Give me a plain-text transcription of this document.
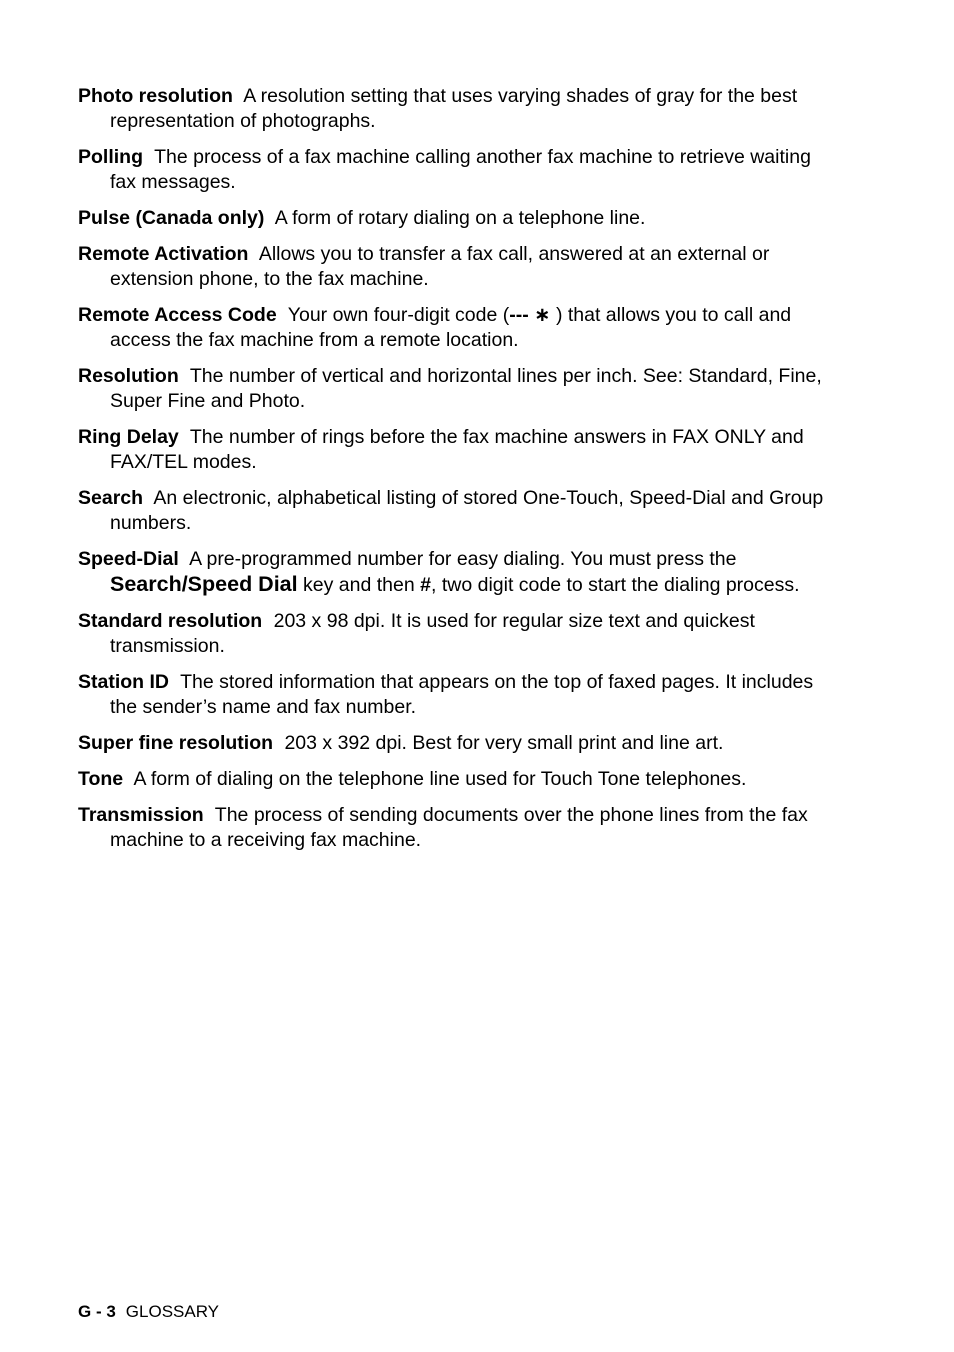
Photo resolution A resolution setting that uses varying shades of gray for the best representation of photographs.

Polling The process of a fax machine calling another fax machine to retrieve waiting fax messages.

Pulse (Canada only) A form of rotary dialing on a telephone line.

Remote Activation Allows you to transfer a fax call, answered at an external or extension phone, to the fax machine.

Remote Access Code Your own four-digit code (--- ∗ ) that allows you to call and access the fax machine from a remote location.

Resolution The number of vertical and horizontal lines per inch. See: Standard, Fine, Super Fine and Photo.

Ring Delay The number of rings before the fax machine answers in FAX ONLY and FAX/TEL modes.

Search An electronic, alphabetical listing of stored One-Touch, Speed-Dial and Group numbers.

Speed-Dial A pre-programmed number for easy dialing. You must press the Search/Speed Dial key and then #, two digit code to start the dialing process.

Standard resolution 203 x 98 dpi. It is used for regular size text and quickest transmission.

Station ID The stored information that appears on the top of faxed pages. It includes the sender’s name and fax number.

Super fine resolution 203 x 392 dpi. Best for very small print and line art.

Tone A form of dialing on the telephone line used for Touch Tone telephones.

Transmission The process of sending documents over the phone lines from the fax machine to a receiving fax machine.

G - 3 GLOSSARY
